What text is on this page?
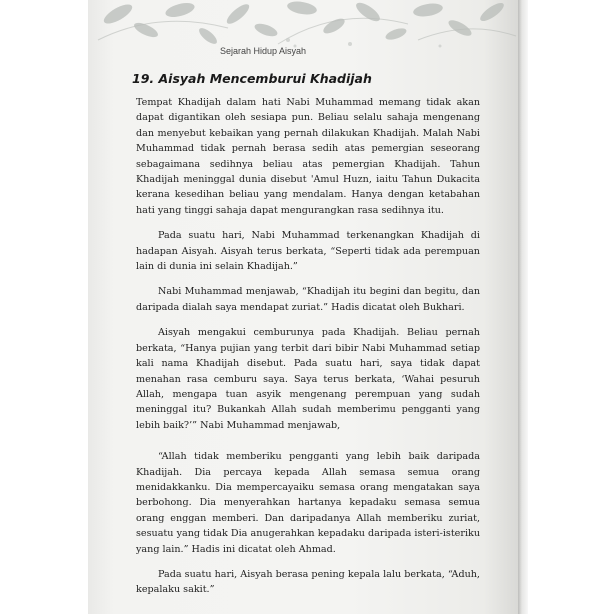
Sejarah Hidup Aisyah
19. Aisyah Mencemburui Khadijah

Tempat Khadijah dalam hati Nabi Muhammad memang tidak akan dapat digantikan oleh sesiapa pun. Beliau selalu sahaja mengenang dan menyebut kebaikan yang pernah dilakukan Khadijah. Malah Nabi Muhammad tidak pernah berasa sedih atas pemergian seseorang sebagaimana sedihnya beliau atas pemergian Khadijah. Tahun Khadijah meninggal dunia disebut 'Amul Huzn, iaitu Tahun Dukacita kerana kesedihan beliau yang mendalam. Hanya dengan ketabahan hati yang tinggi sahaja dapat mengurangkan rasa sedihnya itu.

Pada suatu hari, Nabi Muhammad terkenangkan Khadijah di hadapan Aisyah. Aisyah terus berkata, “Seperti tidak ada perempuan lain di dunia ini selain Khadijah.”

Nabi Muhammad menjawab, “Khadijah itu begini dan begitu, dan daripada dialah saya mendapat zuriat.” Hadis dicatat oleh Bukhari.

Aisyah mengakui cemburunya pada Khadijah. Beliau pernah berkata, “Hanya pujian yang terbit dari bibir Nabi Muhammad setiap kali nama Khadijah disebut. Pada suatu hari, saya tidak dapat menahan rasa cemburu saya. Saya terus berkata, ‘Wahai pesuruh Allah, mengapa tuan asyik mengenang perempuan yang sudah meninggal itu? Bukankah Allah sudah memberimu pengganti yang lebih baik?’” Nabi Muhammad menjawab,

“Allah tidak memberiku pengganti yang lebih baik daripada Khadijah. Dia percaya kepada Allah semasa semua orang menidakkanku. Dia mempercayaiku semasa orang mengatakan saya berbohong. Dia menyerahkan hartanya kepadaku semasa semua orang enggan memberi. Dan daripadanya Allah memberiku zuriat, sesuatu yang tidak Dia anugerahkan kepadaku daripada isteri-isteriku yang lain.” Hadis ini dicatat oleh Ahmad.

Pada suatu hari, Aisyah berasa pening kepala lalu berkata, “Aduh, kepalaku sakit.”
